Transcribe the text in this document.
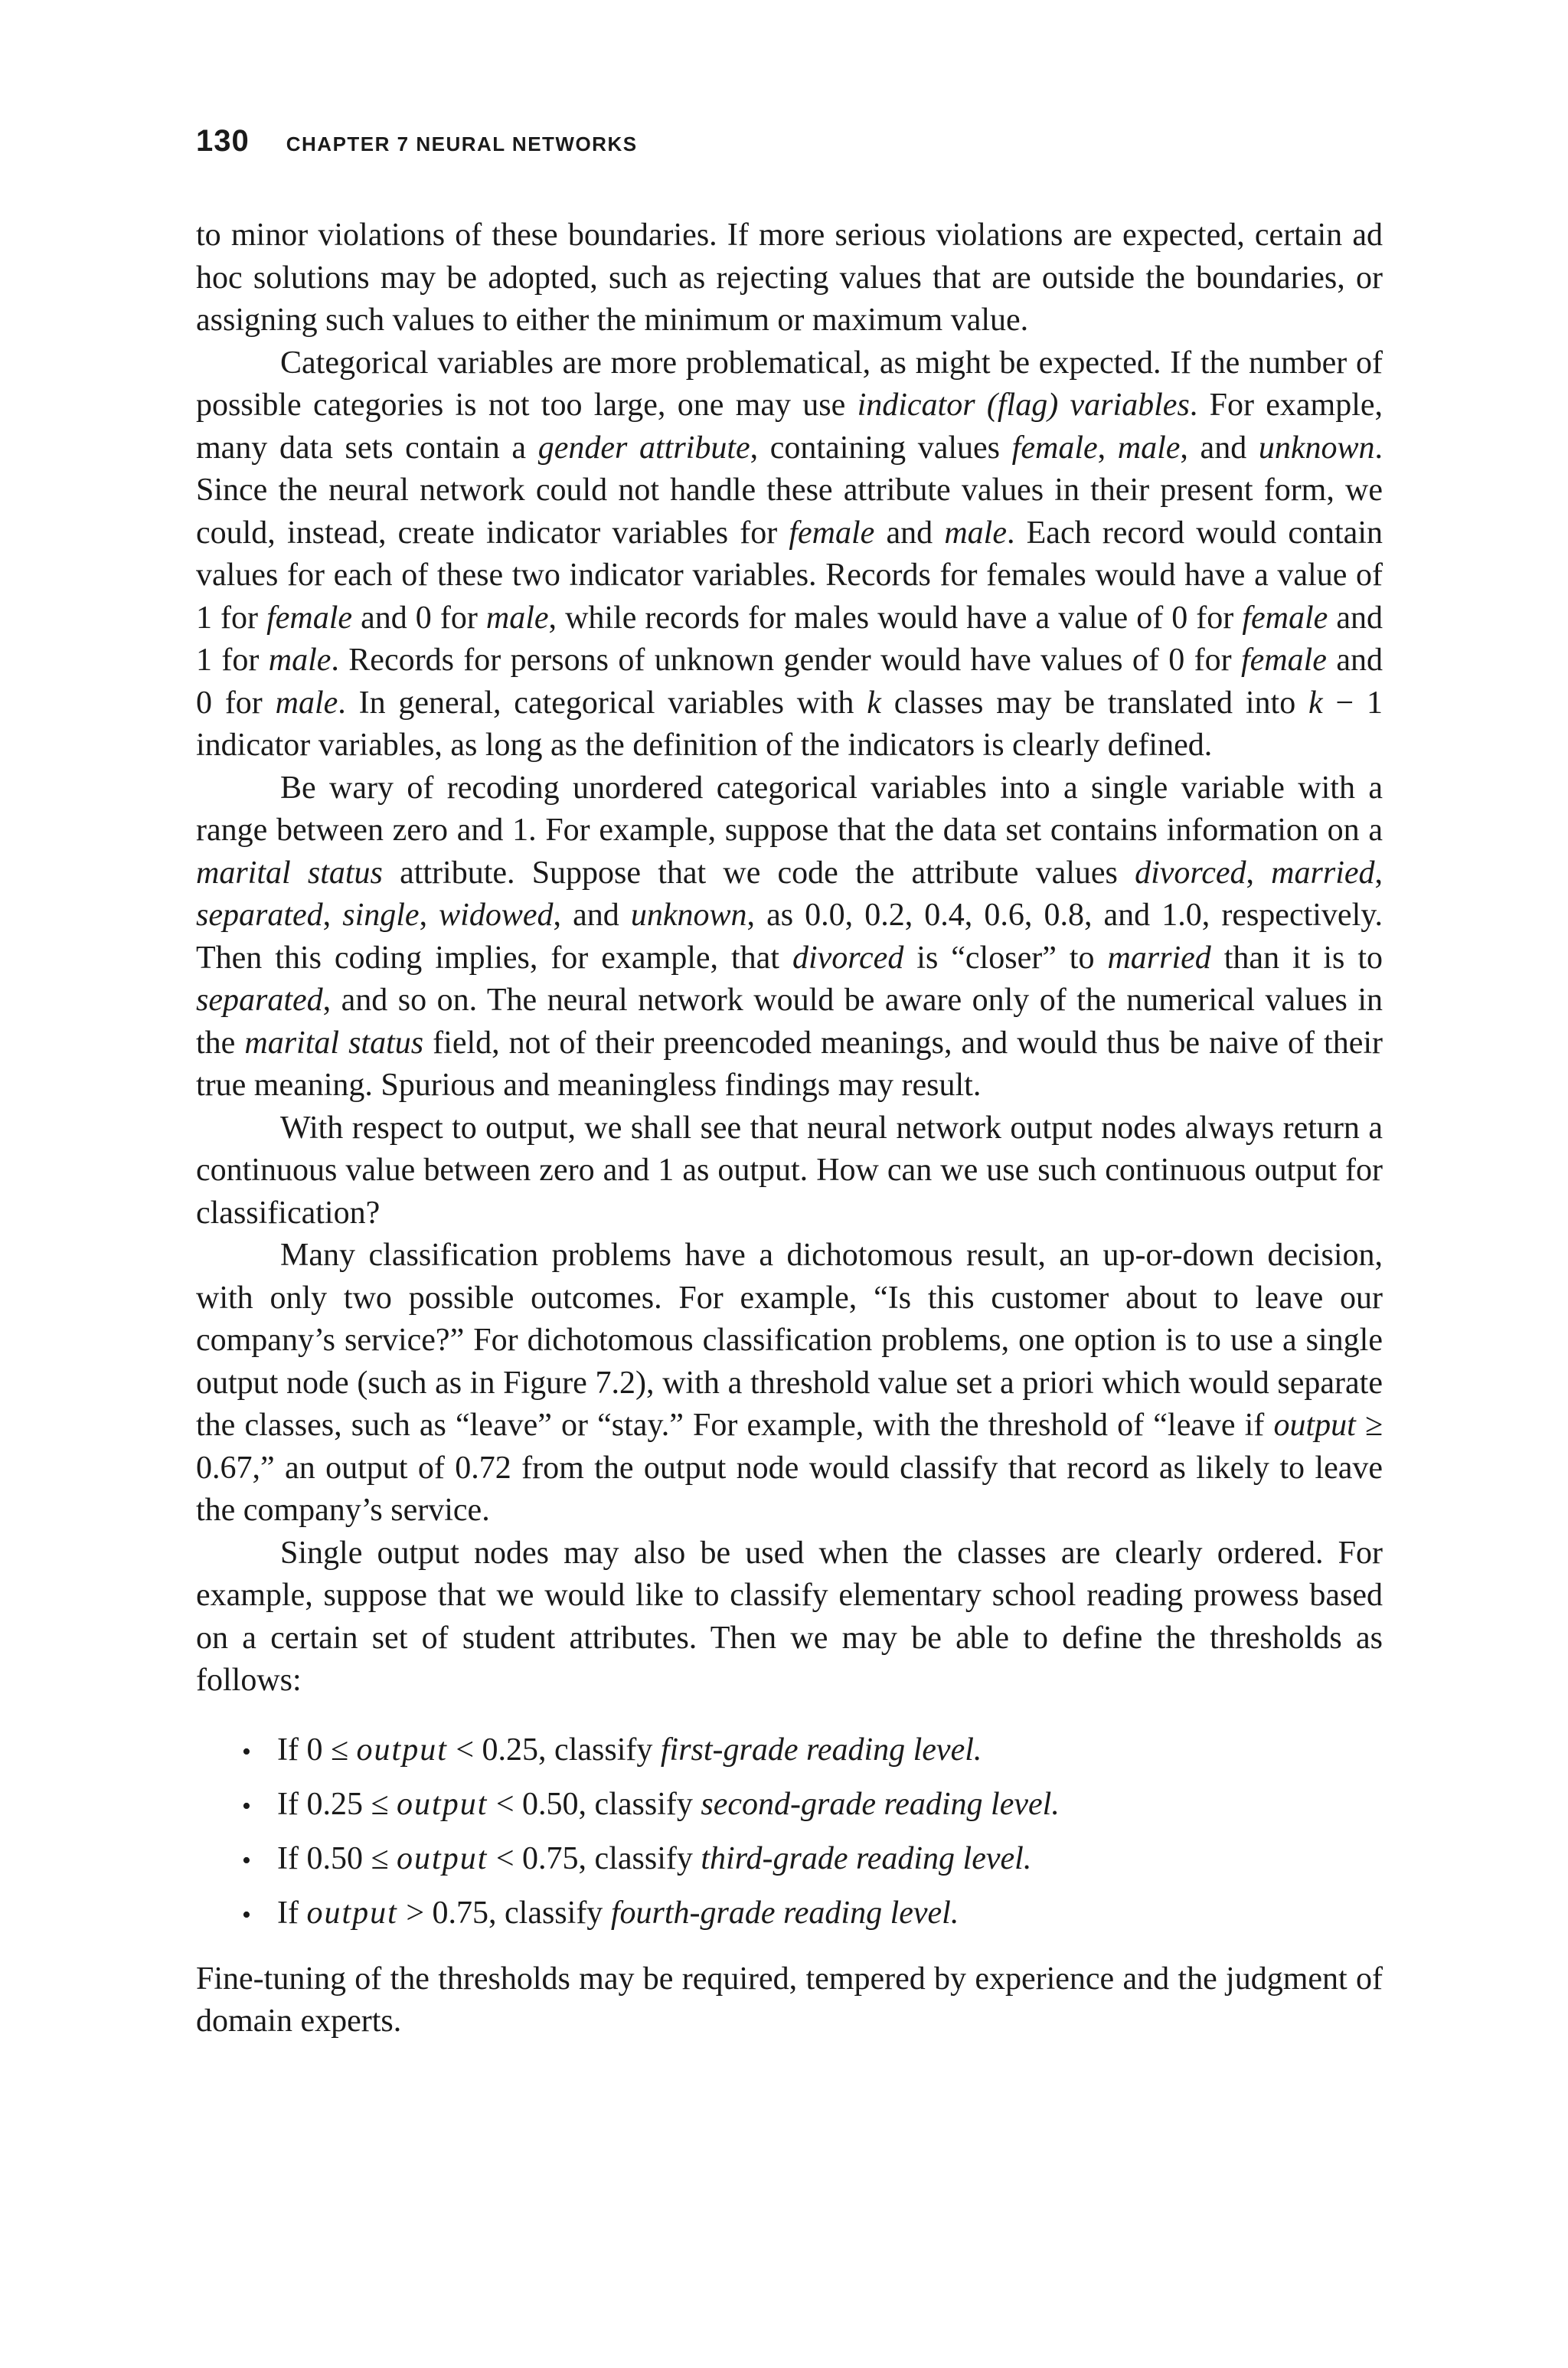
130 CHAPTER 7 NEURAL NETWORKS

to minor violations of these boundaries. If more serious violations are expected, certain ad hoc solutions may be adopted, such as rejecting values that are outside the boundaries, or assigning such values to either the minimum or maximum value.

Categorical variables are more problematical, as might be expected. If the number of possible categories is not too large, one may use indicator (flag) variables. For example, many data sets contain a gender attribute, containing values female, male, and unknown. Since the neural network could not handle these attribute values in their present form, we could, instead, create indicator variables for female and male. Each record would contain values for each of these two indicator variables. Records for females would have a value of 1 for female and 0 for male, while records for males would have a value of 0 for female and 1 for male. Records for persons of unknown gender would have values of 0 for female and 0 for male. In general, categorical variables with k classes may be translated into k − 1 indicator variables, as long as the definition of the indicators is clearly defined.

Be wary of recoding unordered categorical variables into a single variable with a range between zero and 1. For example, suppose that the data set contains information on a marital status attribute. Suppose that we code the attribute values divorced, married, separated, single, widowed, and unknown, as 0.0, 0.2, 0.4, 0.6, 0.8, and 1.0, respectively. Then this coding implies, for example, that divorced is “closer” to married than it is to separated, and so on. The neural network would be aware only of the numerical values in the marital status field, not of their preencoded meanings, and would thus be naive of their true meaning. Spurious and meaningless findings may result.

With respect to output, we shall see that neural network output nodes always return a continuous value between zero and 1 as output. How can we use such continuous output for classification?

Many classification problems have a dichotomous result, an up-or-down decision, with only two possible outcomes. For example, “Is this customer about to leave our company’s service?” For dichotomous classification problems, one option is to use a single output node (such as in Figure 7.2), with a threshold value set a priori which would separate the classes, such as “leave” or “stay.” For example, with the threshold of “leave if output ≥ 0.67,” an output of 0.72 from the output node would classify that record as likely to leave the company’s service.

Single output nodes may also be used when the classes are clearly ordered. For example, suppose that we would like to classify elementary school reading prowess based on a certain set of student attributes. Then we may be able to define the thresholds as follows:

• If 0 ≤ output < 0.25, classify first-grade reading level.
• If 0.25 ≤ output < 0.50, classify second-grade reading level.
• If 0.50 ≤ output < 0.75, classify third-grade reading level.
• If output > 0.75, classify fourth-grade reading level.

Fine-tuning of the thresholds may be required, tempered by experience and the judgment of domain experts.
